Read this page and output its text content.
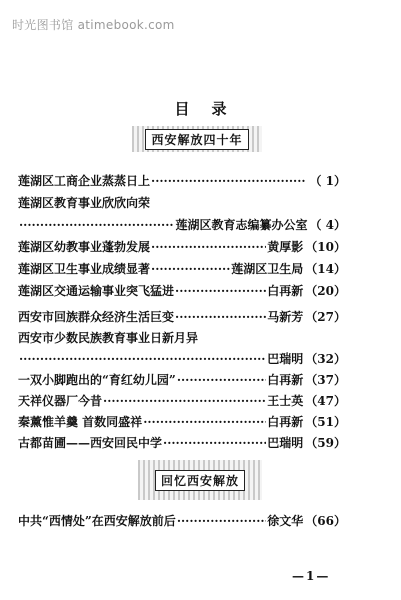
时光图书馆 atimebook.com
目录
西安解放四十年
莲湖区工商企业蒸蒸日上 ·····	（ 1）
莲湖区教育事业欣欣向荣
·····
莲湖区教育志编纂办公室 （ 4）
莲湖区幼教事业蓬勃发展 ·····	黄厚影 （10）
莲湖区卫生事业成绩显著 ·····	莲湖区卫生局 （14）
莲湖区交通运输事业突飞猛进 ·····	白再新 （20）
西安市回族群众经济生活巨变 ·····	马新芳 （27）
西安市少数民族教育事业日新月异
·····
巴瑞明 （32）
一双小脚跑出的“育红幼儿园” ·····	白再新 （37）
天祥仪器厂今昔 ·····	王士英 （47）
秦薰惟羊羹 首数同盛祥 ·····	白再新 （51）
古都苗圃——西安回民中学 ·····	巴瑞明 （59）
回忆西安解放
中共“西情处”在西安解放前后 ·····	徐文华 （66）
—1—
